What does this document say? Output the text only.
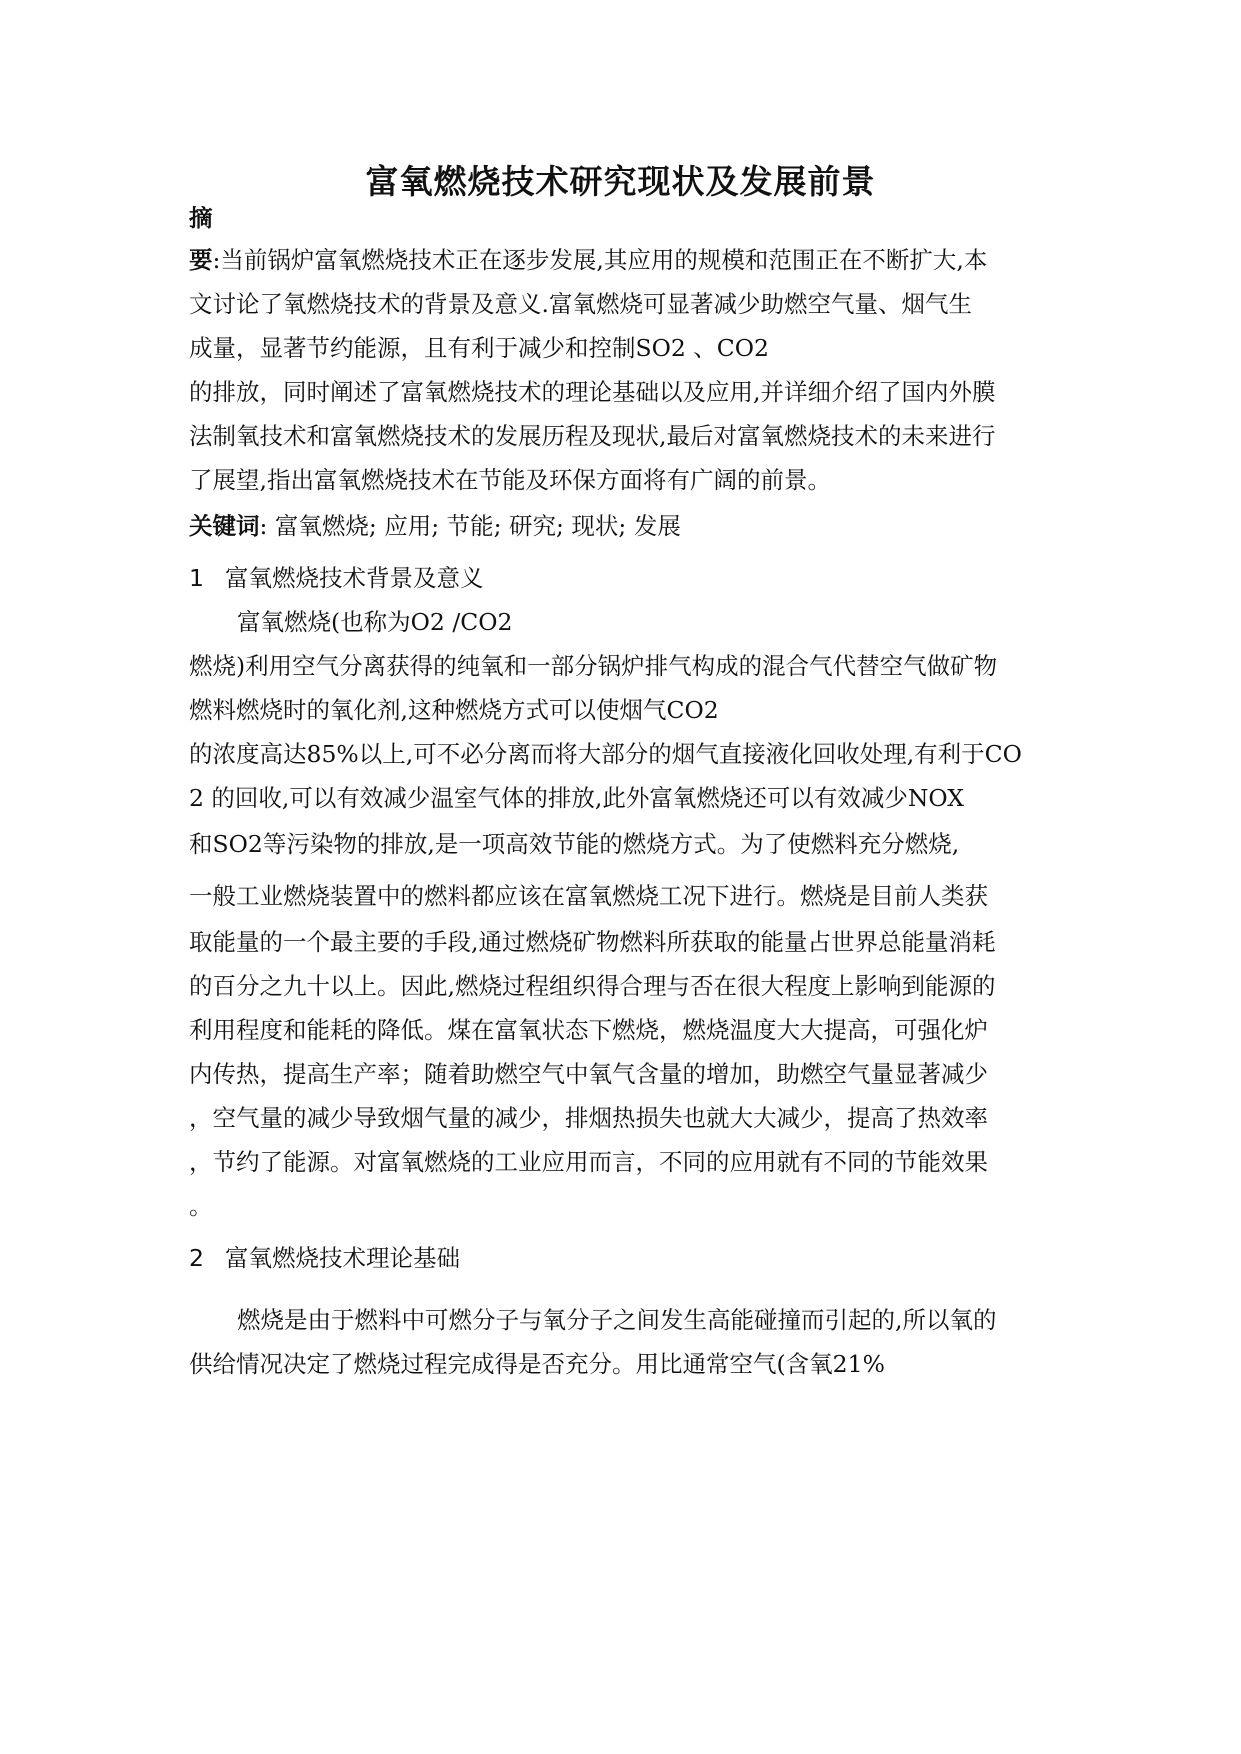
富氧燃烧技术研究现状及发展前景

摘

要:当前锅炉富氧燃烧技术正在逐步发展,其应用的规模和范围正在不断扩大,本

文讨论了氧燃烧技术的背景及意义.富氧燃烧可显著减少助燃空气量、烟气生

成量，显著节约能源，且有利于减少和控制SO2 、CO2

的排放，同时阐述了富氧燃烧技术的理论基础以及应用,并详细介绍了国内外膜

法制氧技术和富氧燃烧技术的发展历程及现状,最后对富氧燃烧技术的未来进行

了展望,指出富氧燃烧技术在节能及环保方面将有广阔的前景。

关键词: 富氧燃烧; 应用; 节能; 研究; 现状; 发展

1 富氧燃烧技术背景及意义

富氧燃烧(也称为O2 /CO2

燃烧)利用空气分离获得的纯氧和一部分锅炉排气构成的混合气代替空气做矿物

燃料燃烧时的氧化剂,这种燃烧方式可以使烟气CO2

的浓度高达85%以上,可不必分离而将大部分的烟气直接液化回收处理,有利于CO

2 的回收,可以有效减少温室气体的排放,此外富氧燃烧还可以有效减少NOX

和SO2等污染物的排放,是一项高效节能的燃烧方式。为了使燃料充分燃烧,

一般工业燃烧装置中的燃料都应该在富氧燃烧工况下进行。燃烧是目前人类获

取能量的一个最主要的手段,通过燃烧矿物燃料所获取的能量占世界总能量消耗

的百分之九十以上。因此,燃烧过程组织得合理与否在很大程度上影响到能源的

利用程度和能耗的降低。煤在富氧状态下燃烧，燃烧温度大大提高，可强化炉

内传热，提高生产率；随着助燃空气中氧气含量的增加，助燃空气量显著减少

，空气量的减少导致烟气量的减少，排烟热损失也就大大减少，提高了热效率

，节约了能源。对富氧燃烧的工业应用而言，不同的应用就有不同的节能效果

。

2 富氧燃烧技术理论基础

燃烧是由于燃料中可燃分子与氧分子之间发生高能碰撞而引起的,所以氧的

供给情况决定了燃烧过程完成得是否充分。用比通常空气(含氧21%
